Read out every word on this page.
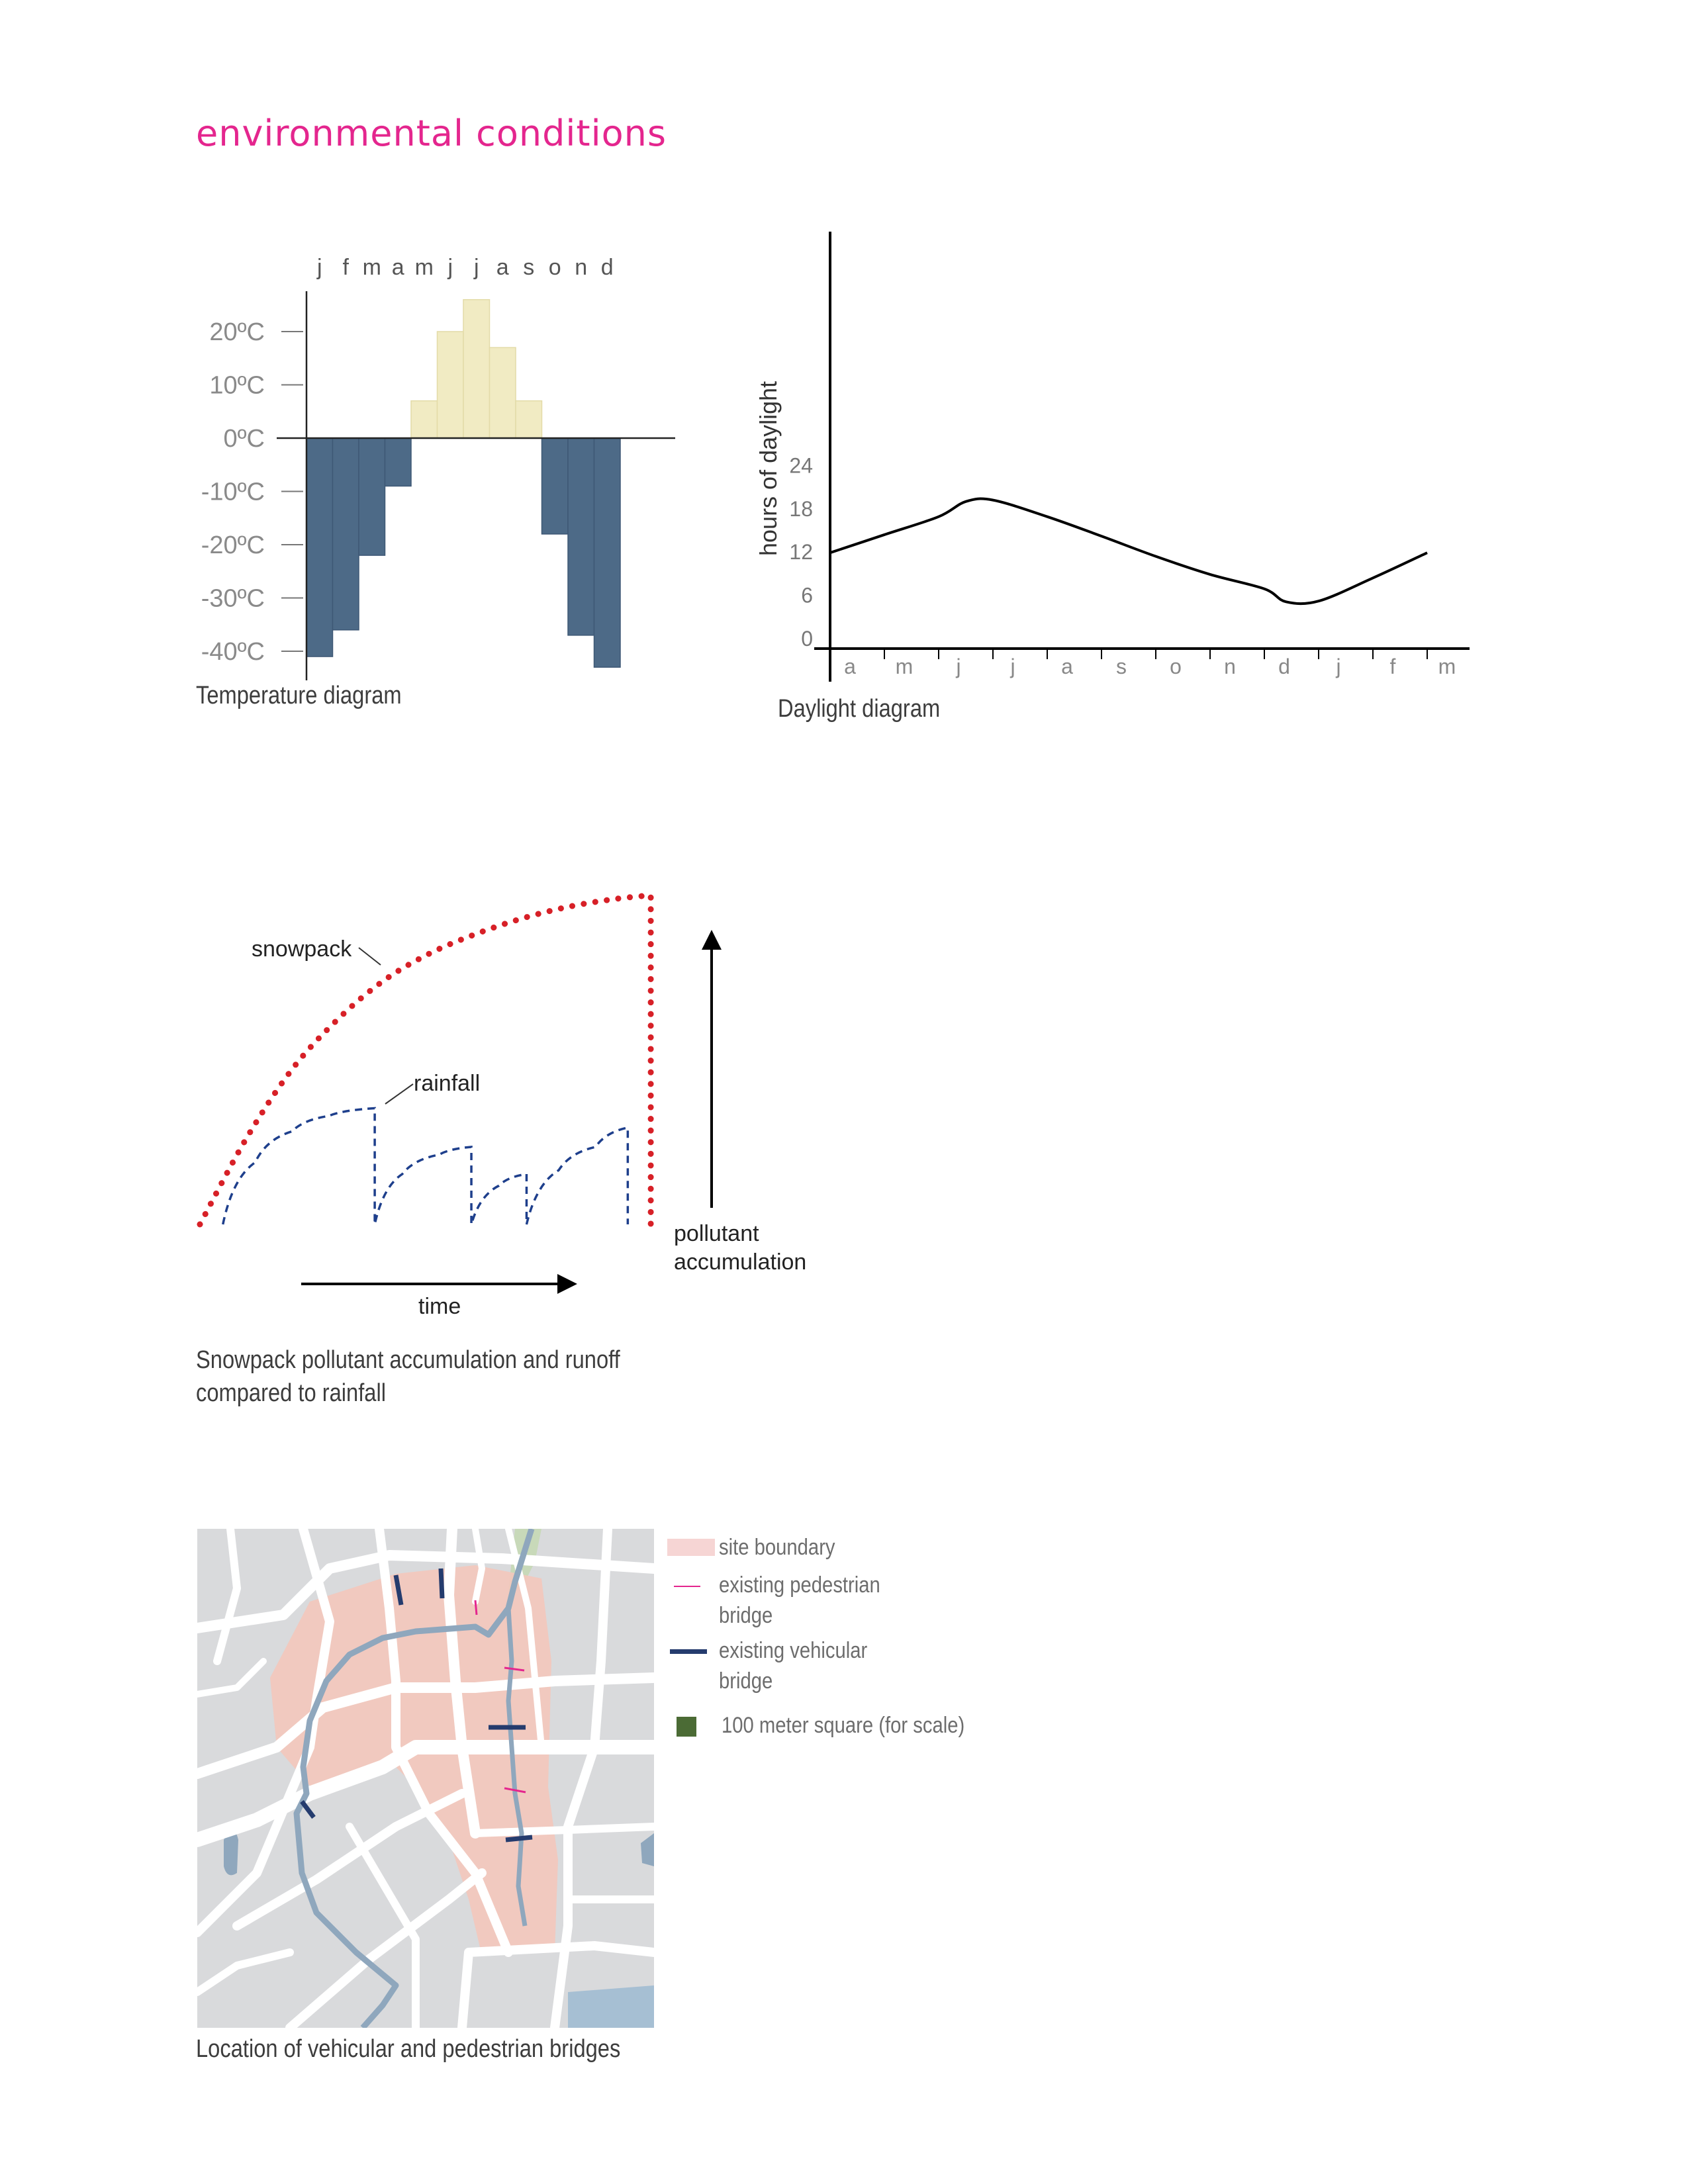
environmental conditions
j f m a m j j a s o n d
20ºC
10ºC
0ºC
-10ºC
-20ºC
-30ºC
-40ºC
Temperature diagram
0
6
12
18
24
a m j j a s o n d j f m
hours of daylight
Daylight diagram
snowpack
rainfall
time
pollutant
accumulation
Snowpack pollutant accumulation and runoff
compared to rainfall
Location of vehicular and pedestrian bridges
site boundary
existing pedestrian
bridge
existing vehicular
bridge
100 meter square (for scale)
